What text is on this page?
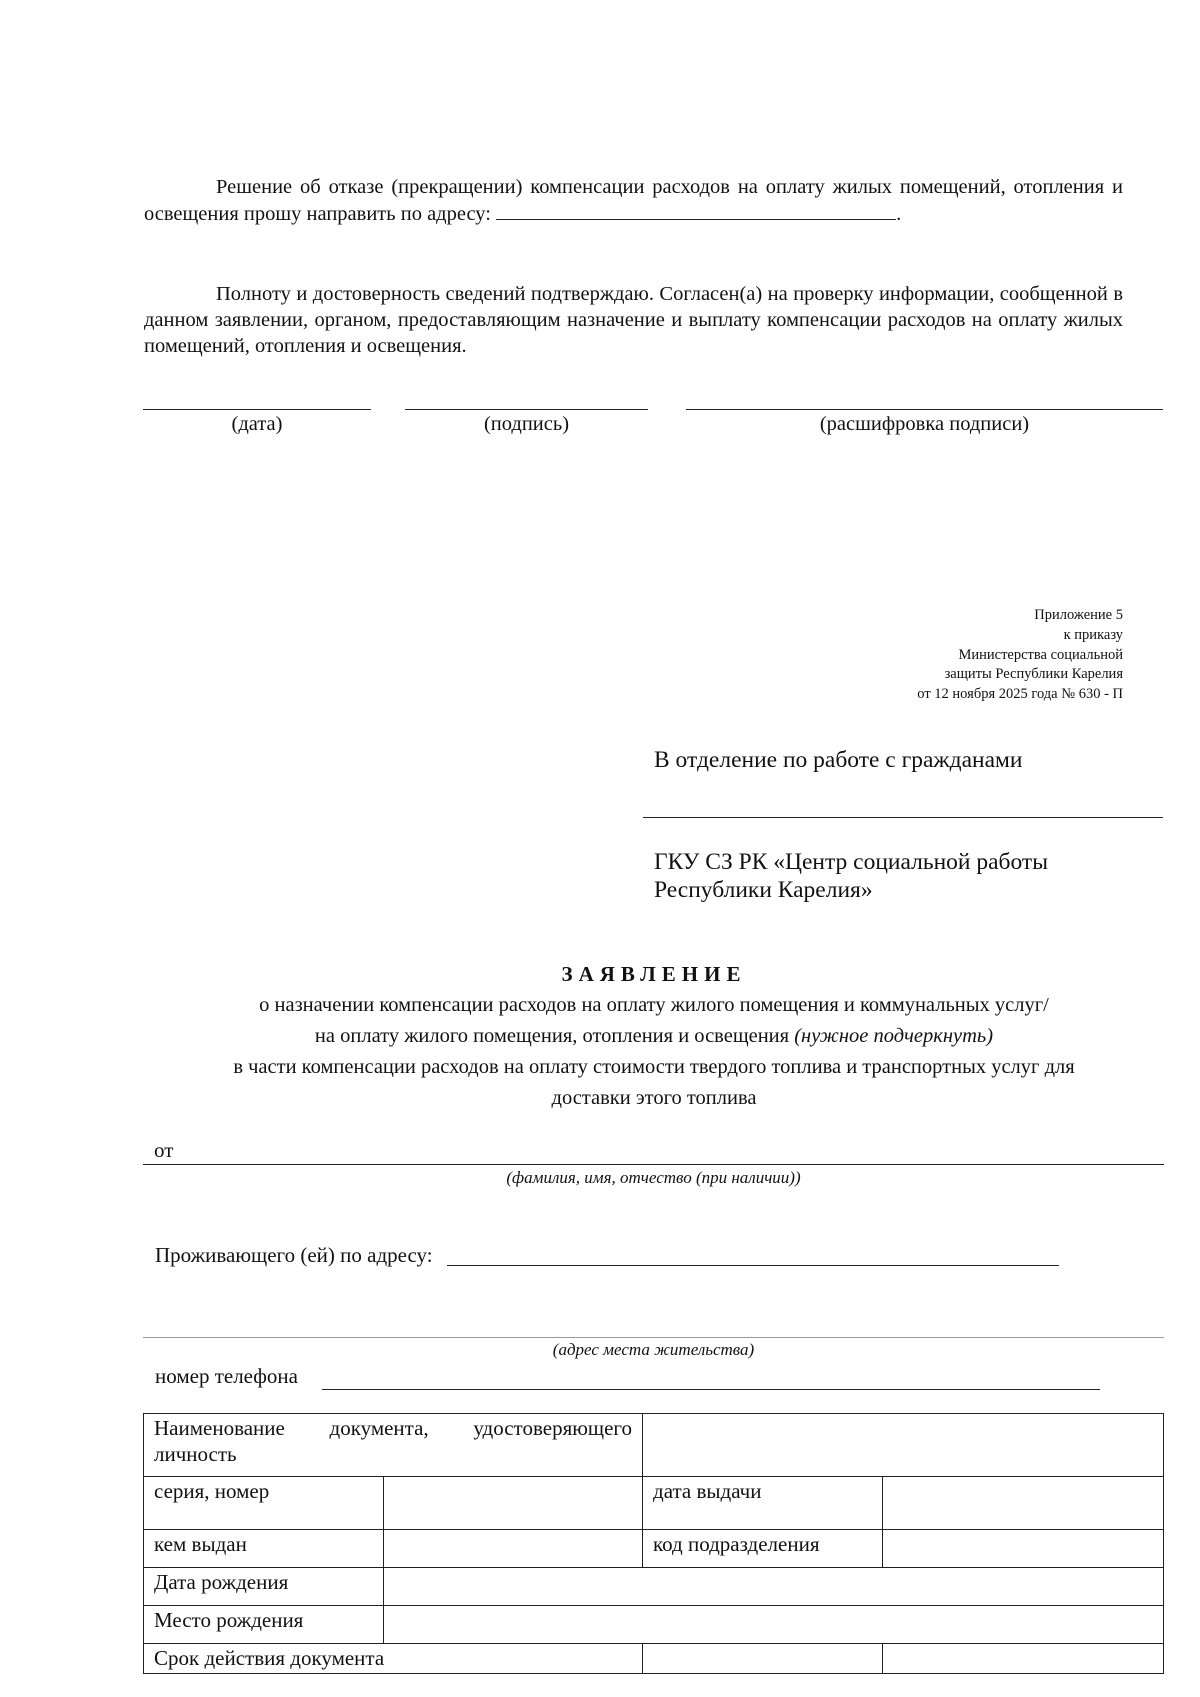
Решение об отказе (прекращении) компенсации расходов на оплату жилых помещений, отопления и освещения прошу направить по адресу:	.
Полноту и достоверность сведений подтверждаю. Согласен(а) на проверку информации, сообщенной в данном заявлении, органом, предоставляющим назначение и выплату компенсации расходов на оплату жилых помещений, отопления и освещения.
(дата)	(подпись)	(расшифровка подписи)
Приложение 5
к приказу
Министерства социальной
защиты Республики Карелия
от 12 ноября 2025 года № 630 - П
В отделение по работе с гражданами
ГКУ СЗ РК «Центр социальной работы
Республики Карелия»
ЗАЯВЛЕНИЕ
о назначении компенсации расходов на оплату жилого помещения и коммунальных услуг/
на оплату жилого помещения, отопления и освещения (нужное подчеркнуть)
в части компенсации расходов на оплату стоимости твердого топлива и транспортных услуг для
доставки этого топлива
от
(фамилия, имя, отчество (при наличии))
Проживающего (ей) по адресу:
(адрес места жительства)
номер телефона
Наименование документа, удостоверяющего личность			
серия, номер		дата выдачи	
кем выдан		код подразделения	
Дата рождения			
Место рождения			
Срок действия документа			
